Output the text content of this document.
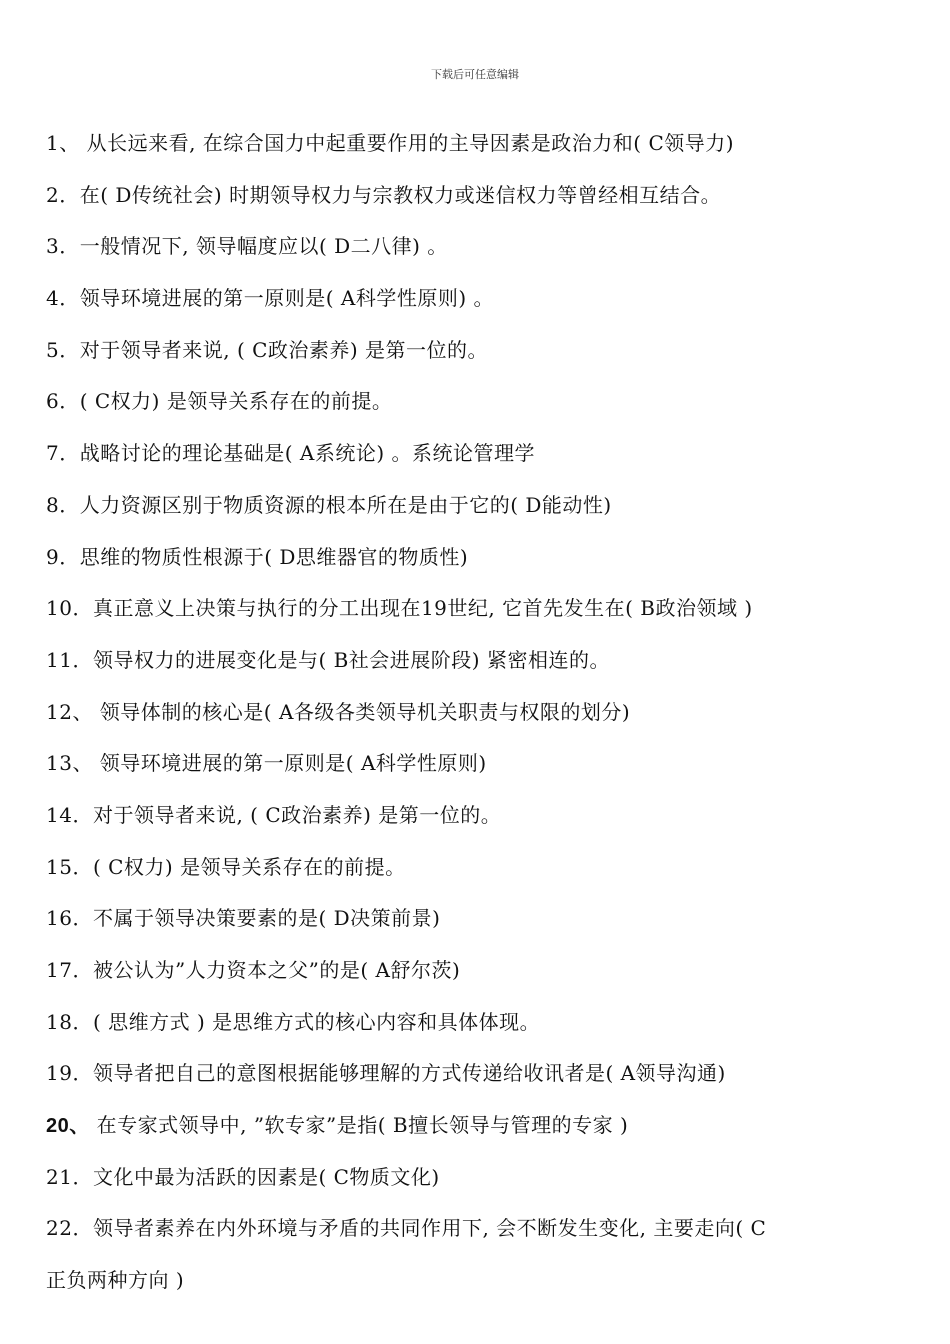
下载后可任意编辑
1、 从长远来看, 在综合国力中起重要作用的主导因素是政治力和( C领导力)
2．在( D传统社会) 时期领导权力与宗教权力或迷信权力等曾经相互结合。
3．一般情况下, 领导幅度应以( D二八律) 。
4．领导环境进展的第一原则是( A科学性原则) 。
5．对于领导者来说, ( C政治素养) 是第一位的。
6．( C权力) 是领导关系存在的前提。
7．战略讨论的理论基础是( A系统论) 。系统论管理学
8．人力资源区别于物质资源的根本所在是由于它的( D能动性)
9．思维的物质性根源于( D思维器官的物质性)
10．真正意义上决策与执行的分工出现在19世纪, 它首先发生在( B政治领域 )
11．领导权力的进展变化是与( B社会进展阶段) 紧密相连的。
12、 领导体制的核心是( A各级各类领导机关职责与权限的划分)
13、 领导环境进展的第一原则是( A科学性原则)
14．对于领导者来说, ( C政治素养) 是第一位的。
15．( C权力) 是领导关系存在的前提。
16．不属于领导决策要素的是( D决策前景)
17．被公认为”人力资本之父”的是( A舒尔茨)
18．( 思维方式 ) 是思维方式的核心内容和具体体现。
19．领导者把自己的意图根据能够理解的方式传递给收讯者是( A领导沟通)
20、 在专家式领导中, ”软专家”是指( B擅长领导与管理的专家 )
21．文化中最为活跃的因素是( C物质文化)
22．领导者素养在内外环境与矛盾的共同作用下, 会不断发生变化, 主要走向( C
正负两种方向 )
